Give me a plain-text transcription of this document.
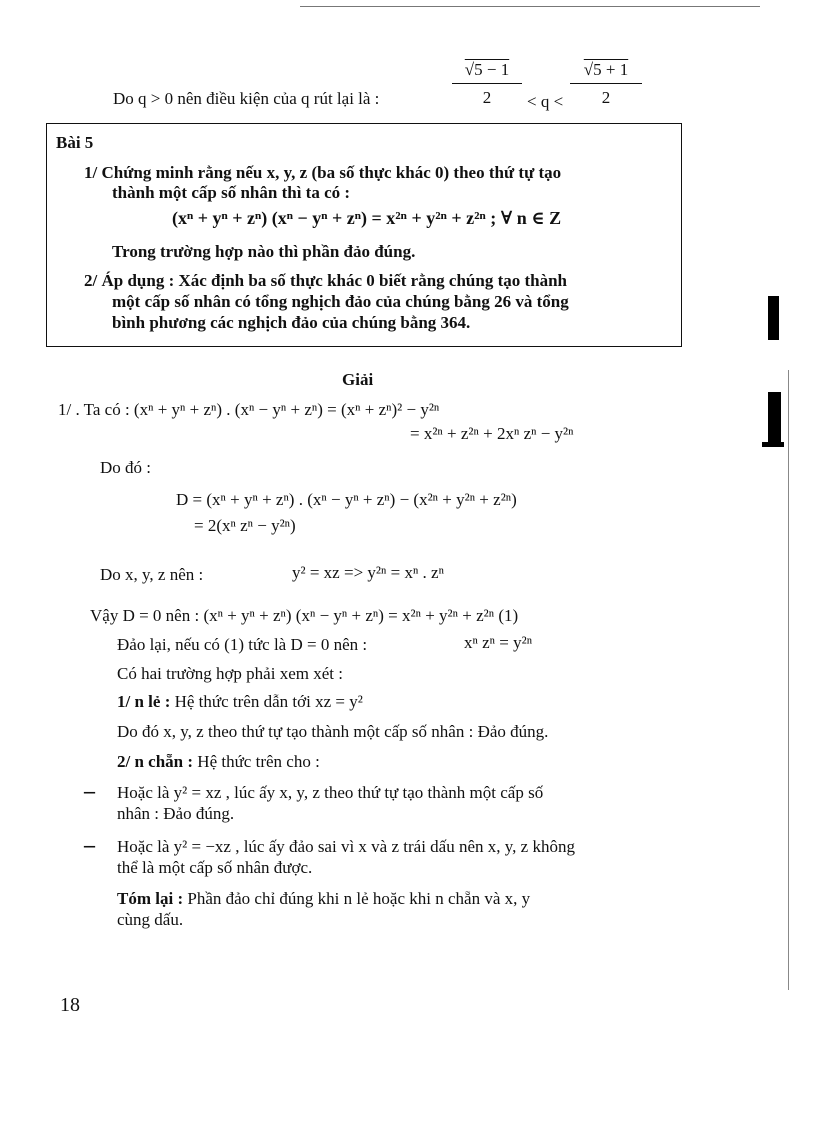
Do q > 0 nên điều kiện của q rút lại là :	$\frac{√5 - 1}{2} < q < \frac{√5 + 1}{2}$
Bài 5
1/ Chứng minh rằng nếu x, y, z (ba số thực khác 0) theo thứ tự tạo
thành một cấp số nhân thì ta có :
(xⁿ + yⁿ + zⁿ) (xⁿ − yⁿ + zⁿ) = x²ⁿ + y²ⁿ + z²ⁿ ; ∀ n ∈ Z
Trong trường hợp nào thì phần đảo đúng.
2/ Áp dụng : Xác định ba số thực khác 0 biết rằng chúng tạo thành
một cấp số nhân có tổng nghịch đảo của chúng bằng 26 và tổng
bình phương các nghịch đảo của chúng bằng 364.
Giải
1/ . Ta có : (xⁿ + yⁿ + zⁿ) . (xⁿ − yⁿ + zⁿ) = (xⁿ + zⁿ)² − y²ⁿ
= x²ⁿ + z²ⁿ + 2xⁿ zⁿ − y²ⁿ
Do đó :
D = (xⁿ + yⁿ + zⁿ) . (xⁿ − yⁿ + zⁿ) − (x²ⁿ + y²ⁿ + z²ⁿ)
= 2(xⁿ zⁿ − y²ⁿ)
Do x, y, z nên :	y² = xz => y²ⁿ = xⁿ . zⁿ
Vậy D = 0 nên : (xⁿ + yⁿ + zⁿ) (xⁿ − yⁿ + zⁿ) = x²ⁿ + y²ⁿ + z²ⁿ (1)
Đảo lại, nếu có (1) tức là D = 0 nên :	xⁿ zⁿ = y²ⁿ
Có hai trường hợp phải xem xét :
1/ n lẻ : Hệ thức trên dẫn tới xz = y²
Do đó x, y, z theo thứ tự tạo thành một cấp số nhân : Đảo đúng.
2/ n chẵn : Hệ thức trên cho :
– Hoặc là y² = xz , lúc ấy x, y, z theo thứ tự tạo thành một cấp số
nhân : Đảo đúng.
– Hoặc là y² = −xz , lúc ấy đảo sai vì x và z trái dấu nên x, y, z không
thể là một cấp số nhân được.
Tóm lại : Phần đảo chỉ đúng khi n lẻ hoặc khi n chẵn và x, y
cùng dấu.
18
